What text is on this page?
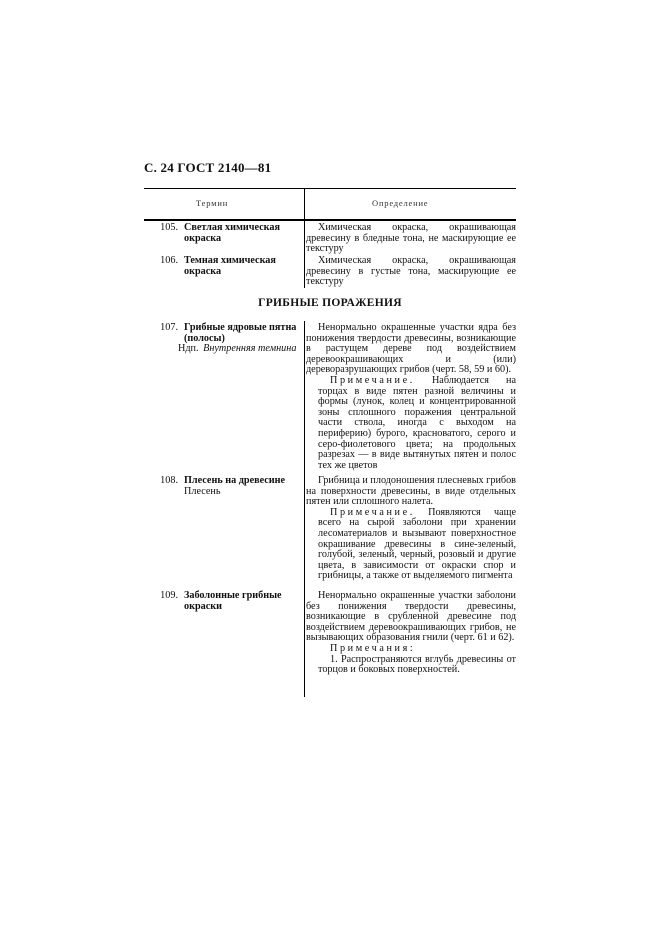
С. 24 ГОСТ 2140—81
Термин	Определение
105. Светлая химическая окраска

Химическая окраска, окрашивающая древесину в бледные тона, не маскирующие ее текстуру

106. Темная химическая окраска

Химическая окраска, окрашивающая древесину в густые тона, маскирующие ее текстуру

ГРИБНЫЕ ПОРАЖЕНИЯ
107. Грибные ядровые пятна (полосы)
Ндп. Внутренняя темнина

Ненормально окрашенные участки ядра без понижения твердости древесины, возникающие в растущем дереве под воздействием деревоокрашивающих и (или) дереворазрушающих грибов (черт. 58, 59 и 60).

Примечание. Наблюдается на торцах в виде пятен разной величины и формы (лунок, колец и концентрированной зоны сплошного поражения центральной части ствола, иногда с выходом на периферию) бурого, красноватого, серого и серо-фиолетового цвета; на продольных разрезах — в виде вытянутых пятен и полос тех же цветов

108. Плесень на древесине
Плесень

Грибница и плодоношения плесневых грибов на поверхности древесины, в виде отдельных пятен или сплошного налета.

Примечание. Появляются чаще всего на сырой заболони при хранении лесоматериалов и вызывают поверхностное окрашивание древесины в сине-зеленый, голубой, зеленый, черный, розовый и другие цвета, в зависимости от окраски спор и грибницы, а также от выделяемого пигмента

109. Заболонные грибные окраски

Ненормально окрашенные участки заболони без понижения твердости древесины, возникающие в срубленной древесине под воздействием деревоокрашивающих грибов, не вызывающих образования гнили (черт. 61 и 62).

Примечания:

1. Распространяются вглубь древесины от торцов и боковых поверхностей.
